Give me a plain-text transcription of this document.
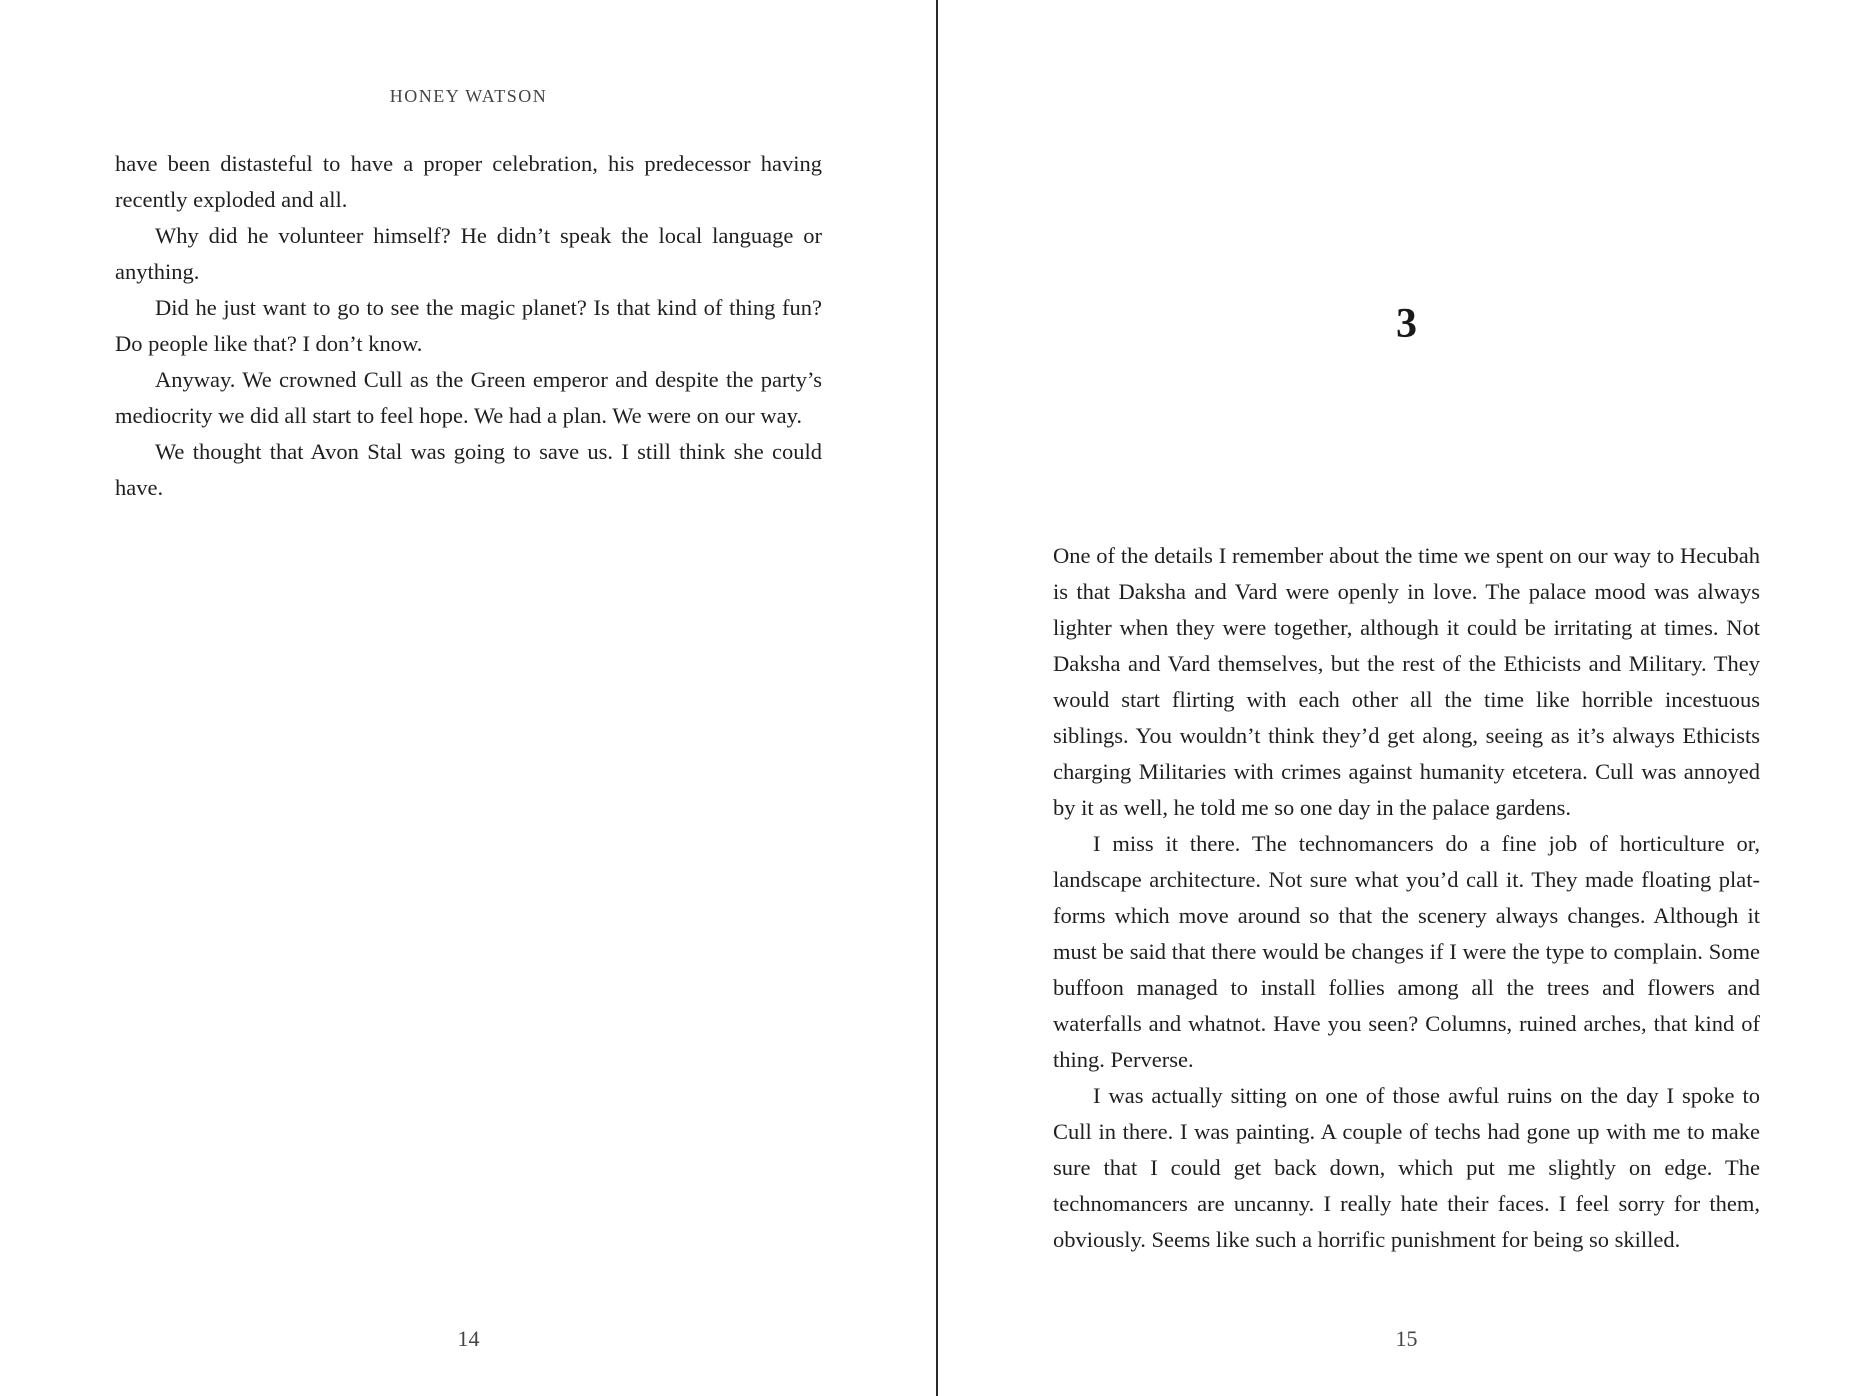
HONEY WATSON

have been distasteful to have a proper celebration, his predecessor having recently exploded and all.

Why did he volunteer himself? He didn’t speak the local language or anything.

Did he just want to go to see the magic planet? Is that kind of thing fun? Do people like that? I don’t know.

Anyway. We crowned Cull as the Green emperor and despite the party’s mediocrity we did all start to feel hope. We had a plan. We were on our way.

We thought that Avon Stal was going to save us. I still think she could have.

14
3

One of the details I remember about the time we spent on our way to Hecubah is that Daksha and Vard were openly in love. The palace mood was always lighter when they were together, although it could be irritating at times. Not Daksha and Vard themselves, but the rest of the Ethicists and Military. They would start flirting with each other all the time like horrible incestuous siblings. You wouldn’t think they’d get along, seeing as it’s always Ethicists charging Militaries with crimes against humanity etcetera. Cull was annoyed by it as well, he told me so one day in the palace gardens.

I miss it there. The technomancers do a fine job of horticulture or, landscape architecture. Not sure what you’d call it. They made floating platforms which move around so that the scenery always changes. Although it must be said that there would be changes if I were the type to complain. Some buffoon managed to install follies among all the trees and flowers and waterfalls and whatnot. Have you seen? Columns, ruined arches, that kind of thing. Perverse.

I was actually sitting on one of those awful ruins on the day I spoke to Cull in there. I was painting. A couple of techs had gone up with me to make sure that I could get back down, which put me slightly on edge. The technomancers are uncanny. I really hate their faces. I feel sorry for them, obviously. Seems like such a horrific punishment for being so skilled.

15
